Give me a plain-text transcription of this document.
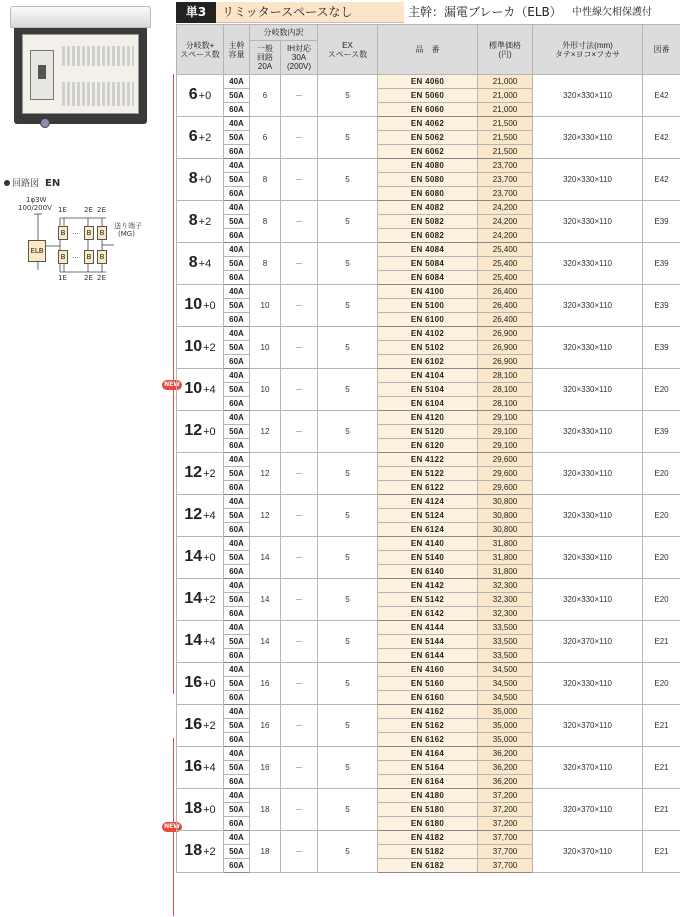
回路図 EN
1φ3W
100/200V
ELB
B	B	B
B	B	B
1E 2E 2E
1E 2E 2E
…
…
送り端子
(MG)
単3	リミッタースペースなし	主幹：漏電ブレーカ（ELB） 中性線欠相保護付
NEW
NEW
分岐数+
スペース数	主幹
容量	分岐数内訳		EX
スペース数	品　番	標準価格
(円)	外形寸法(mm)
タテ×ヨコ×フカサ	図番
		一般
回路
20A	IH対応
30A
(200V)					
6+0	40A	6	－	5	EN 4060	21,000	320×330×110	E42
	50A				EN 5060	21,000		
	60A				EN 6060	21,000		
6+2	40A	6	－	5	EN 4062	21,500	320×330×110	E42
	50A				EN 5062	21,500		
	60A				EN 6062	21,500		
8+0	40A	8	－	5	EN 4080	23,700	320×330×110	E42
	50A				EN 5080	23,700		
	60A				EN 6080	23,700		
8+2	40A	8	－	5	EN 4082	24,200	320×330×110	E39
	50A				EN 5082	24,200		
	60A				EN 6082	24,200		
8+4	40A	8	－	5	EN 4084	25,400	320×330×110	E39
	50A				EN 5084	25,400		
	60A				EN 6084	25,400		
10+0	40A	10	－	5	EN 4100	26,400	320×330×110	E39
	50A				EN 5100	26,400		
	60A				EN 6100	26,400		
10+2	40A	10	－	5	EN 4102	26,900	320×330×110	E39
	50A				EN 5102	26,900		
	60A				EN 6102	26,900		
10+4	40A	10	－	5	EN 4104	28,100	320×330×110	E20
	50A				EN 5104	28,100		
	60A				EN 6104	28,100		
12+0	40A	12	－	5	EN 4120	29,100	320×330×110	E39
	50A				EN 5120	29,100		
	60A				EN 6120	29,100		
12+2	40A	12	－	5	EN 4122	29,600	320×330×110	E20
	50A				EN 5122	29,600		
	60A				EN 6122	29,600		
12+4	40A	12	－	5	EN 4124	30,800	320×330×110	E20
	50A				EN 5124	30,800		
	60A				EN 6124	30,800		
14+0	40A	14	－	5	EN 4140	31,800	320×330×110	E20
	50A				EN 5140	31,800		
	60A				EN 6140	31,800		
14+2	40A	14	－	5	EN 4142	32,300	320×330×110	E20
	50A				EN 5142	32,300		
	60A				EN 6142	32,300		
14+4	40A	14	－	5	EN 4144	33,500	320×370×110	E21
	50A				EN 5144	33,500		
	60A				EN 6144	33,500		
16+0	40A	16	－	5	EN 4160	34,500	320×330×110	E20
	50A				EN 5160	34,500		
	60A				EN 6160	34,500		
16+2	40A	16	－	5	EN 4162	35,000	320×370×110	E21
	50A				EN 5162	35,000		
	60A				EN 6162	35,000		
16+4	40A	16	－	5	EN 4164	36,200	320×370×110	E21
	50A				EN 5164	36,200		
	60A				EN 6164	36,200		
18+0	40A	18	－	5	EN 4180	37,200	320×370×110	E21
	50A				EN 5180	37,200		
	60A				EN 6180	37,200		
18+2	40A	18	－	5	EN 4182	37,700	320×370×110	E21
	50A				EN 5182	37,700		
	60A				EN 6182	37,700		
